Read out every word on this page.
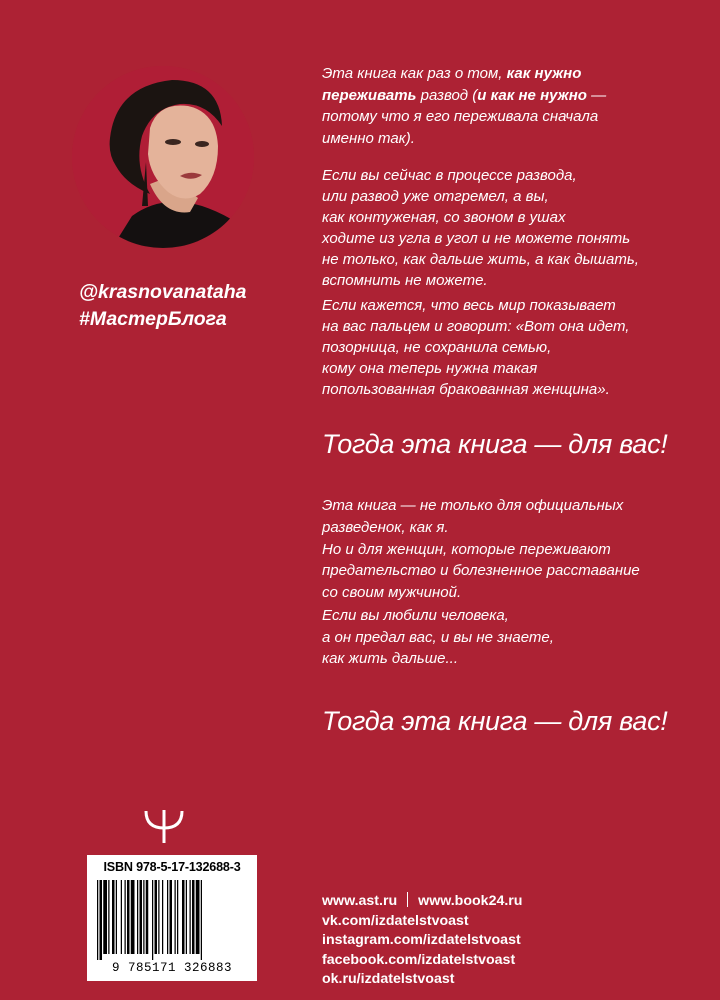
@krasnovanataha
#МастерБлога
Эта книга как раз о том, как нужно
переживать развод (и как не нужно —
потому что я его переживала сначала
именно так).
Если вы сейчас в процессе развода,
или развод уже отгремел, а вы,
как контуженая, со звоном в ушах
ходите из угла в угол и не можете понять
не только, как дальше жить, а как дышать,
вспомнить не можете.
Если кажется, что весь мир показывает
на вас пальцем и говорит: «Вот она идет,
позорница, не сохранила семью,
кому она теперь нужна такая
попользованная бракованная женщина».
Тогда эта книга — для вас!
Эта книга — не только для официальных
разведенок, как я.
Но и для женщин, которые переживают
предательство и болезненное расставание
со своим мужчиной.
Если вы любили человека,
а он предал вас, и вы не знаете,
как жить дальше...
Тогда эта книга — для вас!
ISBN 978-5-17-132688-3
9 785171 326883
www.ast.ru www.book24.ru
vk.com/izdatelstvoast
instagram.com/izdatelstvoast
facebook.com/izdatelstvoast
ok.ru/izdatelstvoast
